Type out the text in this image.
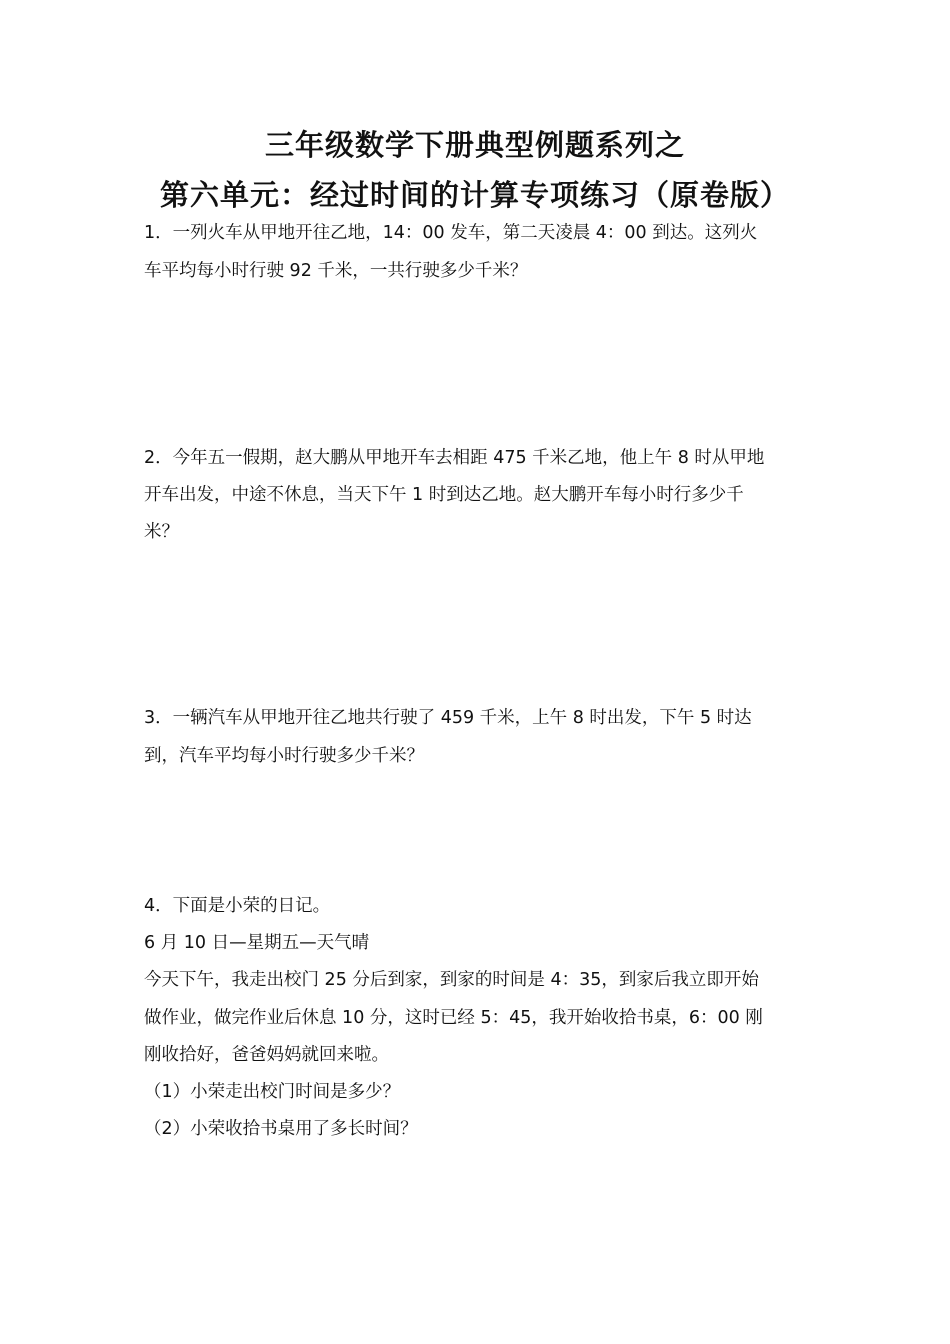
三年级数学下册典型例题系列之
第六单元：经过时间的计算专项练习（原卷版）
1．一列火车从甲地开往乙地，14：00 发车，第二天凌晨 4：00 到达。这列火
车平均每小时行驶 92 千米，一共行驶多少千米？
2．今年五一假期，赵大鹏从甲地开车去相距 475 千米乙地，他上午 8 时从甲地
开车出发，中途不休息，当天下午 1 时到达乙地。赵大鹏开车每小时行多少千
米？
3．一辆汽车从甲地开往乙地共行驶了 459 千米，上午 8 时出发，下午 5 时达
到，汽车平均每小时行驶多少千米？
4．下面是小荣的日记。
6 月 10 日—星期五—天气晴
今天下午，我走出校门 25 分后到家，到家的时间是 4：35，到家后我立即开始
做作业，做完作业后休息 10 分，这时已经 5：45，我开始收拾书桌，6：00 刚
刚收拾好，爸爸妈妈就回来啦。
（1）小荣走出校门时间是多少？
（2）小荣收拾书桌用了多长时间？
